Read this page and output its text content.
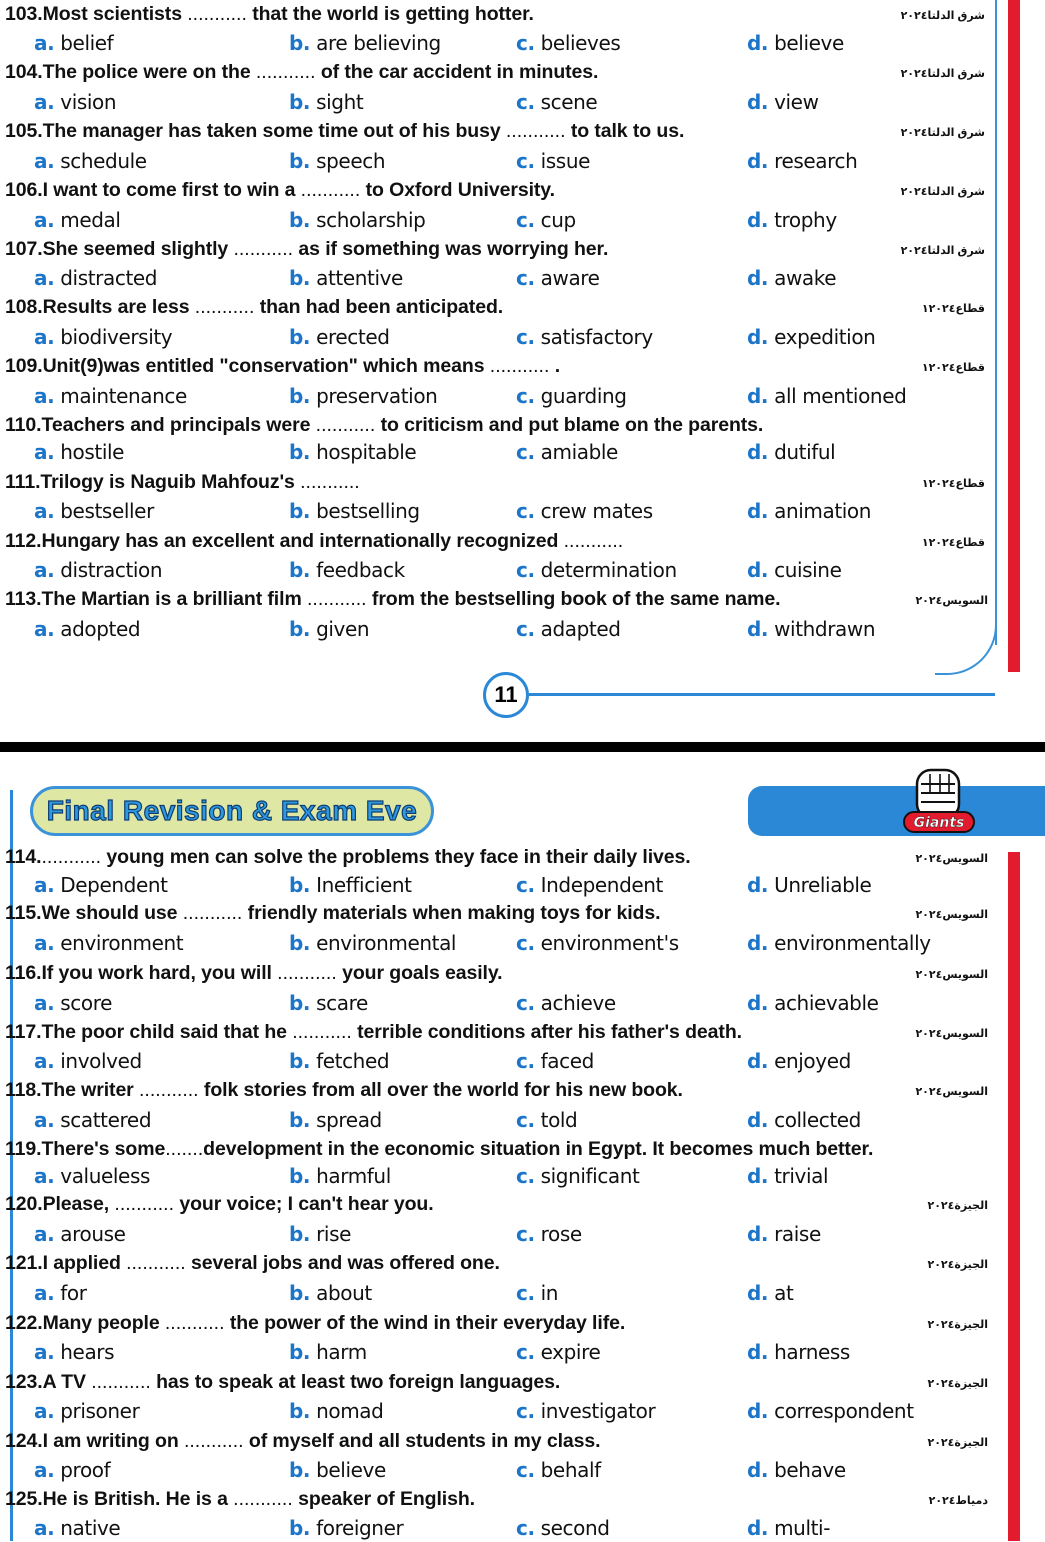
11
Final Revision & Exam Eve	Giants
103.Most scientists ........... that the world is getting hotter.	شرق الدلتا٢٠٢٤
a. belief	b. are believing	c. believes	d. believe
104.The police were on the ........... of the car accident in minutes.	شرق الدلتا٢٠٢٤
a. vision	b. sight	c. scene	d. view
105.The manager has taken some time out of his busy ........... to talk to us.	شرق الدلتا٢٠٢٤
a. schedule	b. speech	c. issue	d. research
106.I want to come first to win a ........... to Oxford University.	شرق الدلتا٢٠٢٤
a. medal	b. scholarship	c. cup	d. trophy
107.She seemed slightly ........... as if something was worrying her.	شرق الدلتا٢٠٢٤
a. distracted	b. attentive	c. aware	d. awake
108.Results are less ........... than had been anticipated.	قطاع١٢٠٢٤
a. biodiversity	b. erected	c. satisfactory	d. expedition
109.Unit(9)was entitled "conservation" which means ........... .	قطاع١٢٠٢٤
a. maintenance	b. preservation	c. guarding	d. all mentioned
110.Teachers and principals were ........... to criticism and put blame on the parents.
a. hostile	b. hospitable	c. amiable	d. dutiful
111.Trilogy is Naguib Mahfouz's ...........	قطاع١٢٠٢٤
a. bestseller	b. bestselling	c. crew mates	d. animation
112.Hungary has an excellent and internationally recognized ...........	قطاع١٢٠٢٤
a. distraction	b. feedback	c. determination	d. cuisine
113.The Martian is a brilliant film ........... from the bestselling book of the same name.	السويس٢٠٢٤
a. adopted	b. given	c. adapted	d. withdrawn
114............ young men can solve the problems they face in their daily lives.	السويس٢٠٢٤
a. Dependent	b. Inefficient	c. Independent	d. Unreliable
115.We should use ........... friendly materials when making toys for kids.	السويس٢٠٢٤
a. environment	b. environmental	c. environment's	d. environmentally
116.If you work hard, you will ........... your goals easily.	السويس٢٠٢٤
a. score	b. scare	c. achieve	d. achievable
117.The poor child said that he ........... terrible conditions after his father's death.	السويس٢٠٢٤
a. involved	b. fetched	c. faced	d. enjoyed
118.The writer ........... folk stories from all over the world for his new book.	السويس٢٠٢٤
a. scattered	b. spread	c. told	d. collected
119.There's some.......development in the economic situation in Egypt. It becomes much better.
a. valueless	b. harmful	c. significant	d. trivial
120.Please, ........... your voice; I can't hear you.	الجيزة٢٠٢٤
a. arouse	b. rise	c. rose	d. raise
121.I applied ........... several jobs and was offered one.	الجيزة٢٠٢٤
a. for	b. about	c. in	d. at
122.Many people ........... the power of the wind in their everyday life.	الجيزة٢٠٢٤
a. hears	b. harm	c. expire	d. harness
123.A TV ........... has to speak at least two foreign languages.	الجيزة٢٠٢٤
a. prisoner	b. nomad	c. investigator	d. correspondent
124.I am writing on ........... of myself and all students in my class.	الجيزة٢٠٢٤
a. proof	b. believe	c. behalf	d. behave
125.He is British. He is a ........... speaker of English.	دمياط٢٠٢٤
a. native	b. foreigner	c. second	d. multi-
